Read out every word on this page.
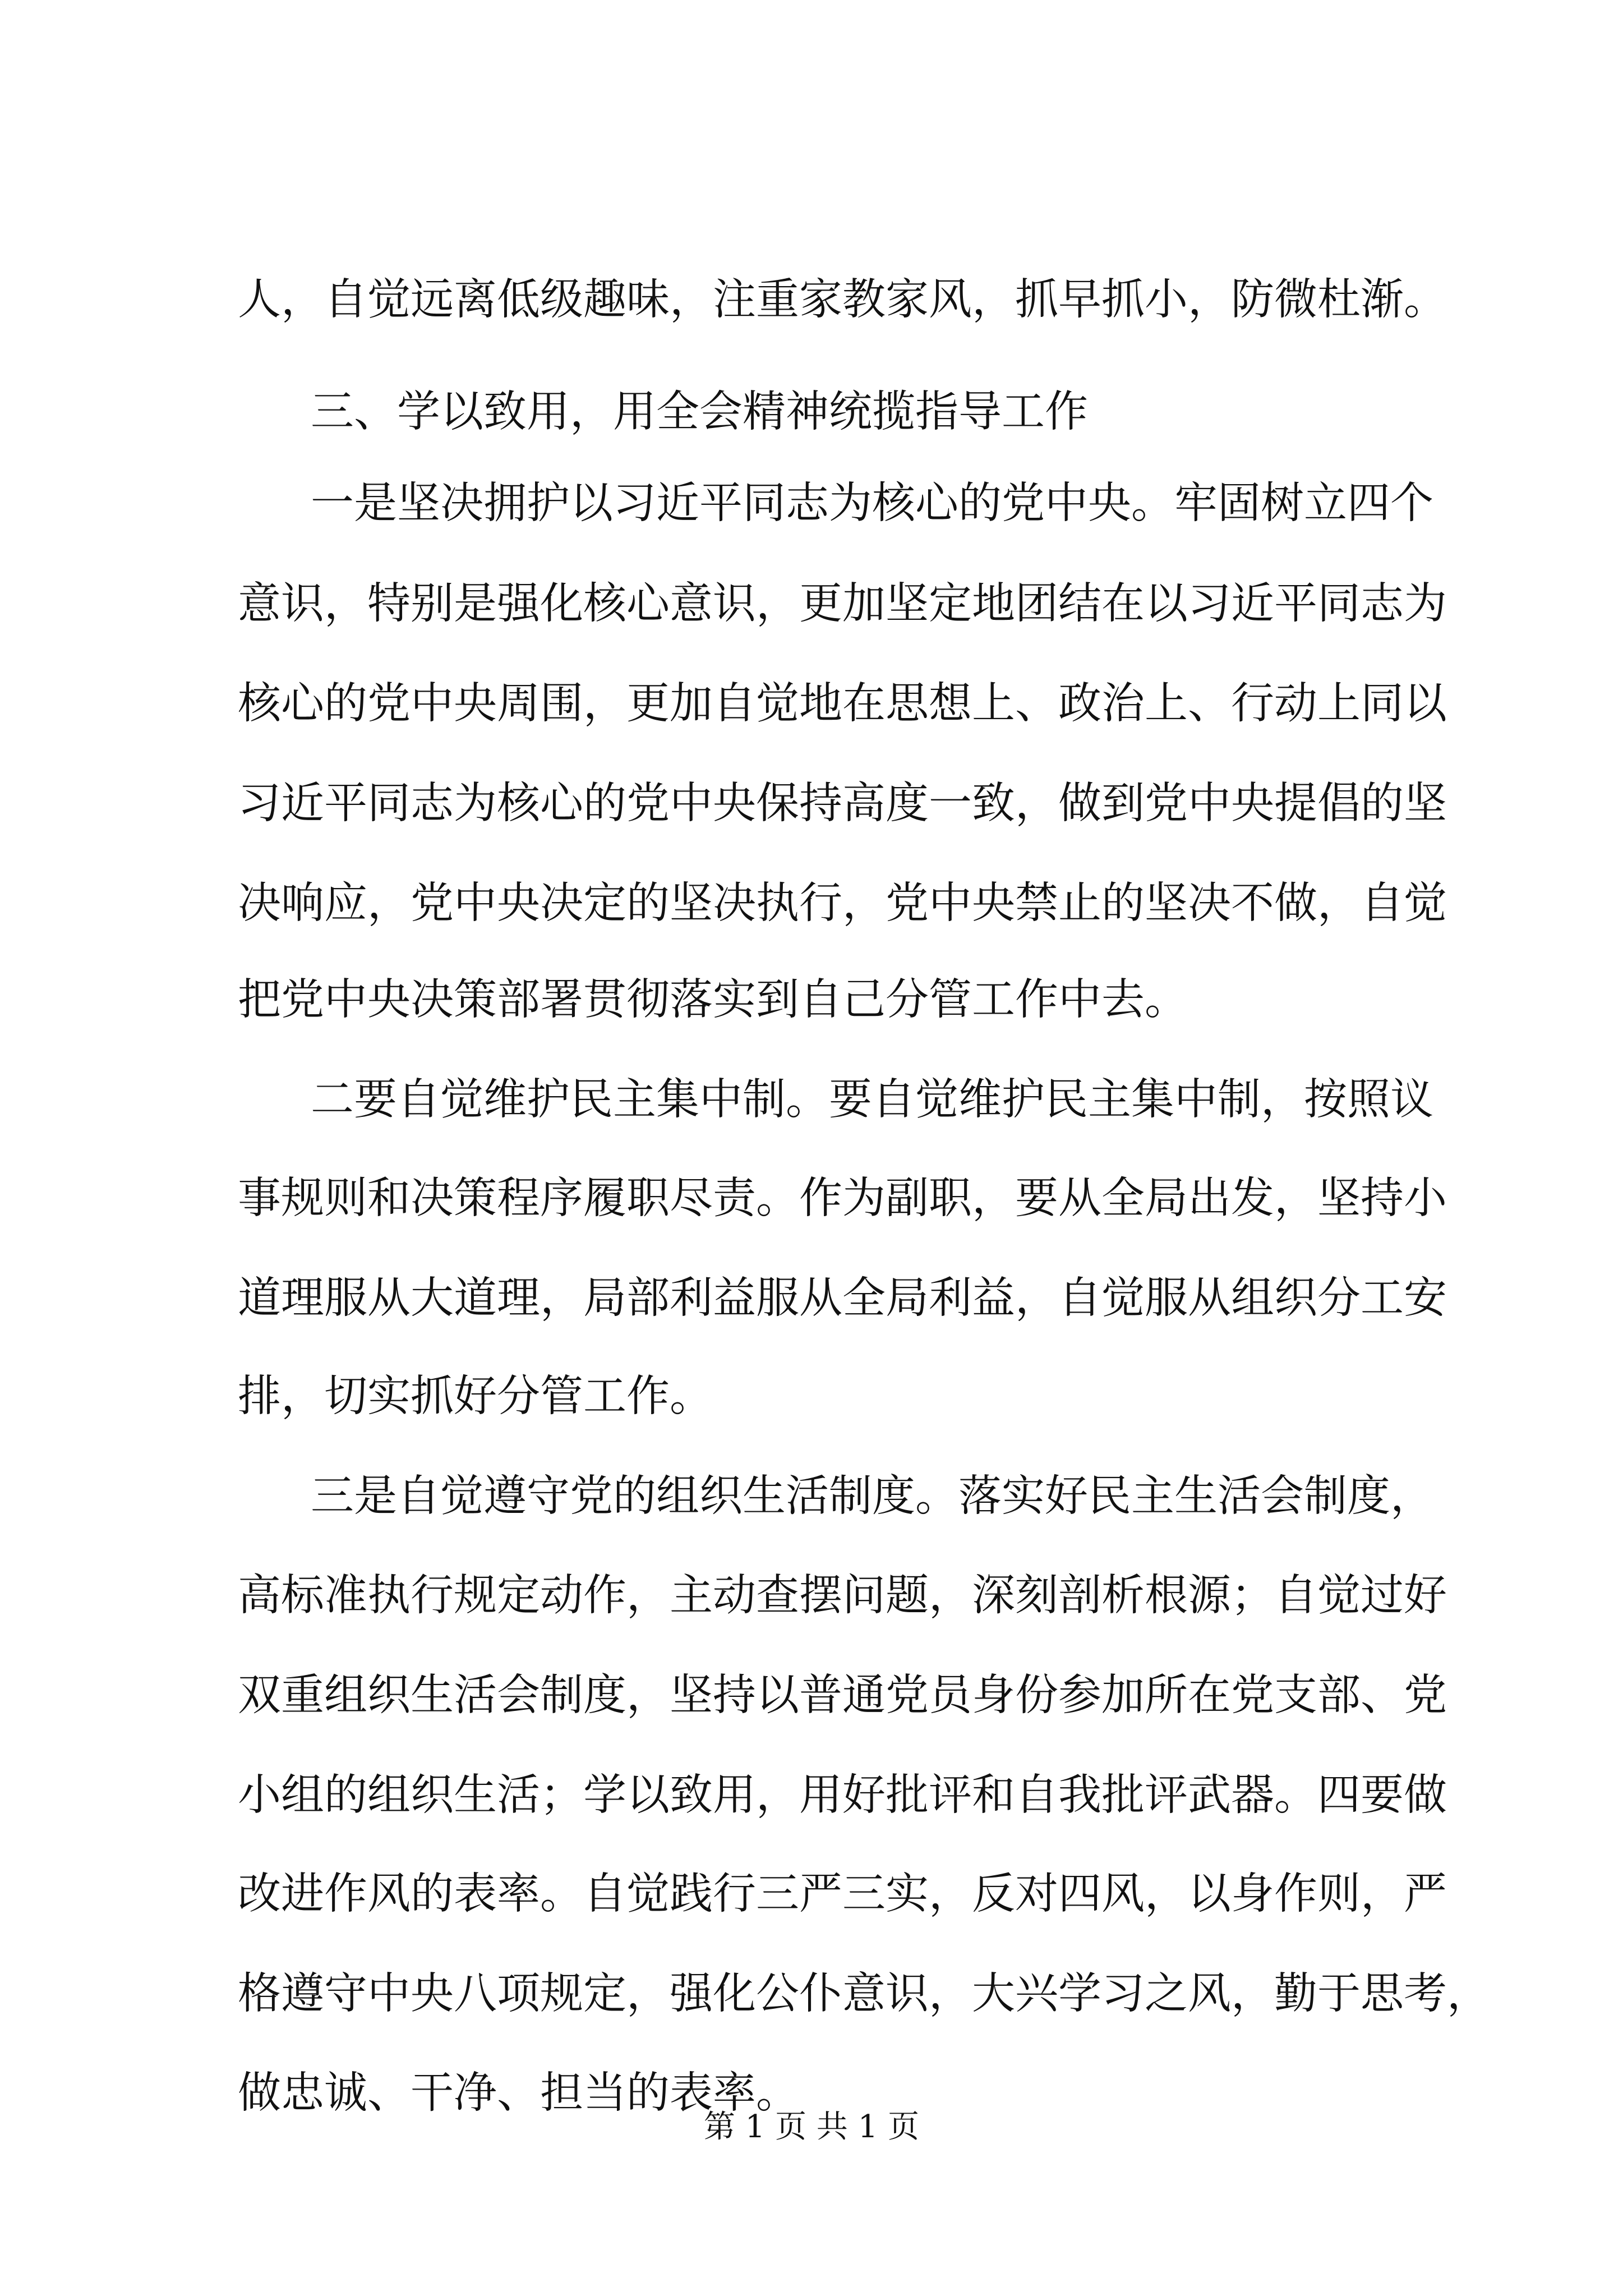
人，自觉远离低级趣味，注重家教家风，抓早抓小，防微杜渐。
三、学以致用，用全会精神统揽指导工作
一是坚决拥护以习近平同志为核心的党中央。牢固树立四个
意识，特别是强化核心意识，更加坚定地团结在以习近平同志为
核心的党中央周围，更加自觉地在思想上、政治上、行动上同以
习近平同志为核心的党中央保持高度一致，做到党中央提倡的坚
决响应，党中央决定的坚决执行，党中央禁止的坚决不做，自觉
把党中央决策部署贯彻落实到自己分管工作中去。
二要自觉维护民主集中制。要自觉维护民主集中制，按照议
事规则和决策程序履职尽责。作为副职，要从全局出发，坚持小
道理服从大道理，局部利益服从全局利益，自觉服从组织分工安
排，切实抓好分管工作。
三是自觉遵守党的组织生活制度。落实好民主生活会制度，
高标准执行规定动作，主动查摆问题，深刻剖析根源；自觉过好
双重组织生活会制度，坚持以普通党员身份参加所在党支部、党
小组的组织生活；学以致用，用好批评和自我批评武器。四要做
改进作风的表率。自觉践行三严三实，反对四风，以身作则，严
格遵守中央八项规定，强化公仆意识，大兴学习之风，勤于思考，
做忠诚、干净、担当的表率。
第 1 页 共 1 页
